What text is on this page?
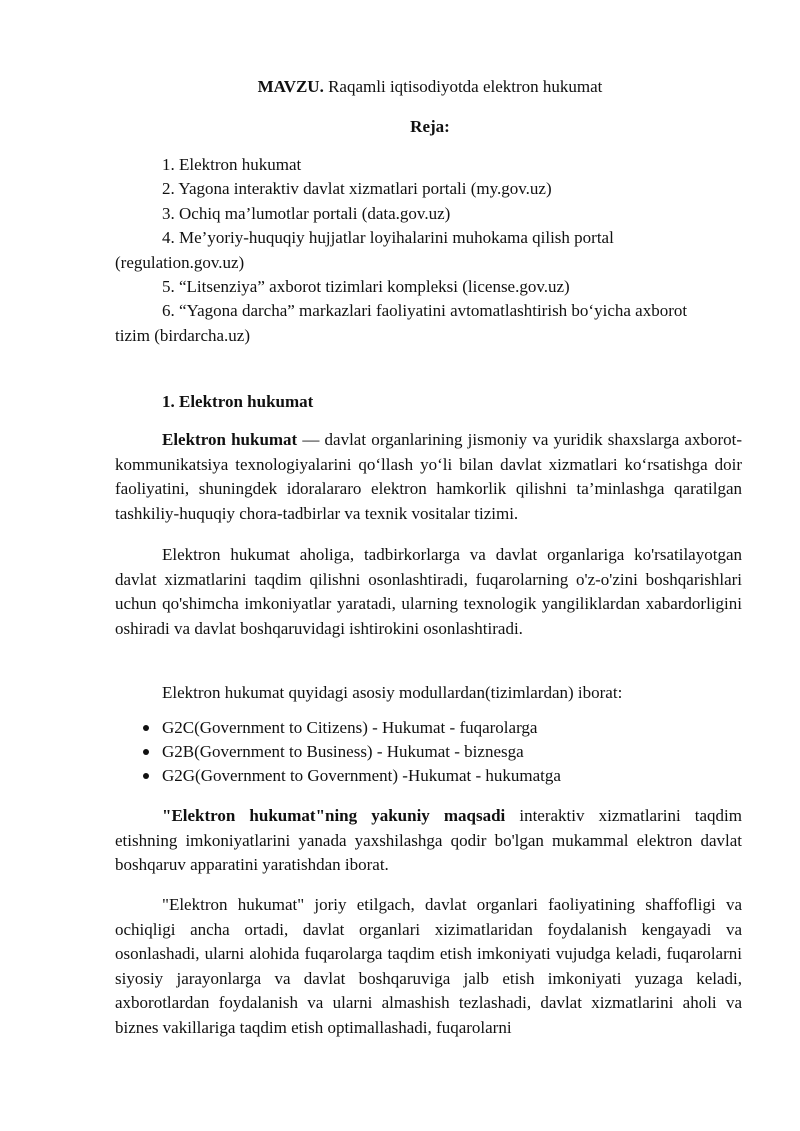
MAVZU. Raqamli iqtisodiyotda elektron hukumat
Reja:

1. Elektron hukumat

2. Yagona interaktiv davlat xizmatlari portali (my.gov.uz)

3. Ochiq ma’lumotlar portali (data.gov.uz)

4. Me’yoriy-huquqiy hujjatlar loyihalarini muhokama qilish portal (regulation.gov.uz)

5. “Litsenziya” axborot tizimlari kompleksi (license.gov.uz)

6. “Yagona darcha” markazlari faoliyatini avtomatlashtirish bo‘yicha axborot tizim (birdarcha.uz)

1. Elektron hukumat

Elektron hukumat — davlat organlarining jismoniy va yuridik shaxslarga axborot-kommunikatsiya texnologiyalarini qo‘llash yo‘li bilan davlat xizmatlari ko‘rsatishga doir faoliyatini, shuningdek idoralararo elektron hamkorlik qilishni ta’minlashga qaratilgan tashkiliy-huquqiy chora-tadbirlar va texnik vositalar tizimi.

Elektron hukumat aholiga, tadbirkorlarga va davlat organlariga ko'rsatilayotgan davlat xizmatlarini taqdim qilishni osonlashtiradi, fuqarolarning o'z-o'zini boshqarishlari uchun qo'shimcha imkoniyatlar yaratadi, ularning texnologik yangiliklardan xabardorligini oshiradi va davlat boshqaruvidagi ishtirokini osonlashtiradi.

Elektron hukumat quyidagi asosiy modullardan(tizimlardan) iborat:

G2C(Government to Citizens) - Hukumat - fuqarolarga
G2B(Government to Business) - Hukumat - biznesga
G2G(Government to Government) -Hukumat - hukumatga

"Elektron hukumat"ning yakuniy maqsadi interaktiv xizmatlarini taqdim etishning imkoniyatlarini yanada yaxshilashga qodir bo'lgan mukammal elektron davlat boshqaruv apparatini yaratishdan iborat.

"Elektron hukumat" joriy etilgach, davlat organlari faoliyatining shaffofligi va ochiqligi ancha ortadi, davlat organlari xizimatlaridan foydalanish kengayadi va osonlashadi, ularni alohida fuqarolarga taqdim etish imkoniyati vujudga keladi, fuqarolarni siyosiy jarayonlarga va davlat boshqaruviga jalb etish imkoniyati yuzaga keladi, axborotlardan foydalanish va ularni almashish tezlashadi, davlat xizmatlarini aholi va biznes vakillariga taqdim etish optimallashadi, fuqarolarni
